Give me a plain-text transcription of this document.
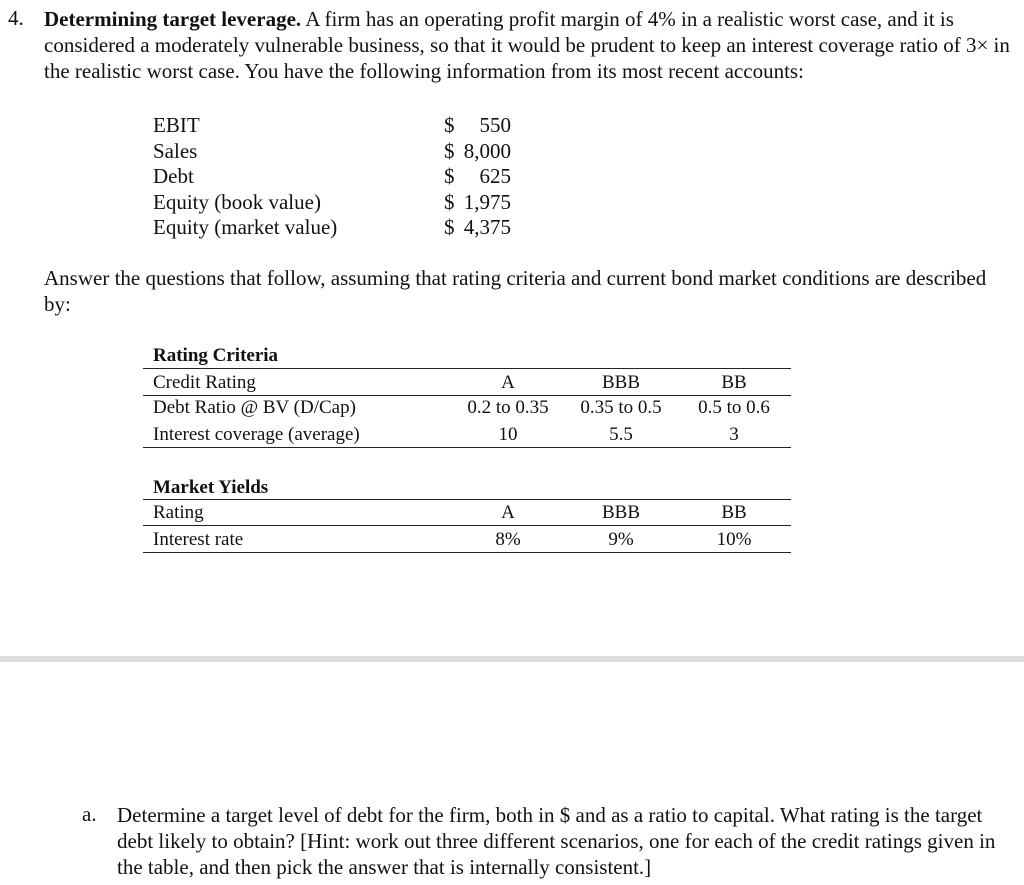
4. Determining target leverage. A firm has an operating profit margin of 4% in a realistic worst case, and it is considered a moderately vulnerable business, so that it would be prudent to keep an interest coverage ratio of 3× in the realistic worst case. You have the following information from its most recent accounts:
EBIT	$	550
Sales	$ 8,000
Debt	$	625
Equity (book value)	$ 1,975
Equity (market value)	$ 4,375
Answer the questions that follow, assuming that rating criteria and current bond market conditions are described by:
Rating Criteria
Credit Rating	A	BBB	BB
Debt Ratio @ BV (D/Cap)	0.2 to 0.35	0.35 to 0.5	0.5 to 0.6
Interest coverage (average)	10	5.5	3
Market Yields
Rating	A	BBB	BB
Interest rate	8%	9%	10%
a. Determine a target level of debt for the firm, both in $ and as a ratio to capital. What rating is the target debt likely to obtain? [Hint: work out three different scenarios, one for each of the credit ratings given in the table, and then pick the answer that is internally consistent.]
